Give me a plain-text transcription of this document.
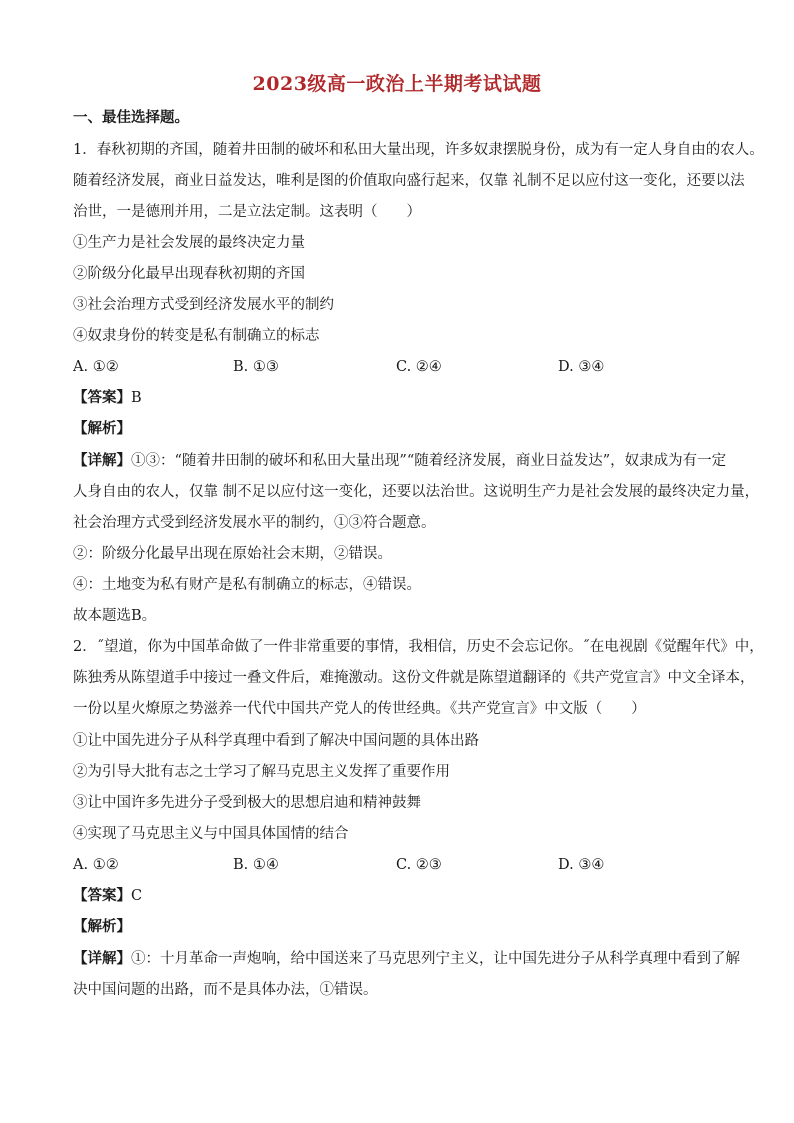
2023级高一政治上半期考试试题
一、最佳选择题。
1．春秋初期的齐国，随着井田制的破坏和私田大量出现，许多奴隶摆脱身份，成为有一定人身自由的农人。
随着经济发展，商业日益发达，唯利是图的价值取向盛行起来，仅靠 礼制不足以应付这一变化，还要以法
治世，一是德刑并用，二是立法定制。这表明（　　）
①生产力是社会发展的最终决定力量
②阶级分化最早出现春秋初期的齐国
③社会治理方式受到经济发展水平的制约
④奴隶身份的转变是私有制确立的标志
A. ①②	B. ①③	C. ②④	D. ③④
【答案】B
【解析】
【详解】①③：“随着井田制的破坏和私田大量出现”“随着经济发展，商业日益发达”，奴隶成为有一定
人身自由的农人，仅靠 制不足以应付这一变化，还要以法治世。这说明生产力是社会发展的最终决定力量，
社会治理方式受到经济发展水平的制约，①③符合题意。
②：阶级分化最早出现在原始社会末期，②错误。
④：土地变为私有财产是私有制确立的标志，④错误。
故本题选B。
2．˝望道，你为中国革命做了一件非常重要的事情，我相信，历史不会忘记你。˝在电视剧《觉醒年代》中，
陈独秀从陈望道手中接过一叠文件后，难掩激动。这份文件就是陈望道翻译的《共产党宣言》中文全译本，
一份以星火燎原之势滋养一代代中国共产党人的传世经典。《共产党宣言》中文版（　　）
①让中国先进分子从科学真理中看到了解决中国问题的具体出路
②为引导大批有志之士学习了解马克思主义发挥了重要作用
③让中国许多先进分子受到极大的思想启迪和精神鼓舞
④实现了马克思主义与中国具体国情的结合
A. ①②	B. ①④	C. ②③	D. ③④
【答案】C
【解析】
【详解】①：十月革命一声炮响，给中国送来了马克思列宁主义，让中国先进分子从科学真理中看到了解
决中国问题的出路，而不是具体办法，①错误。
